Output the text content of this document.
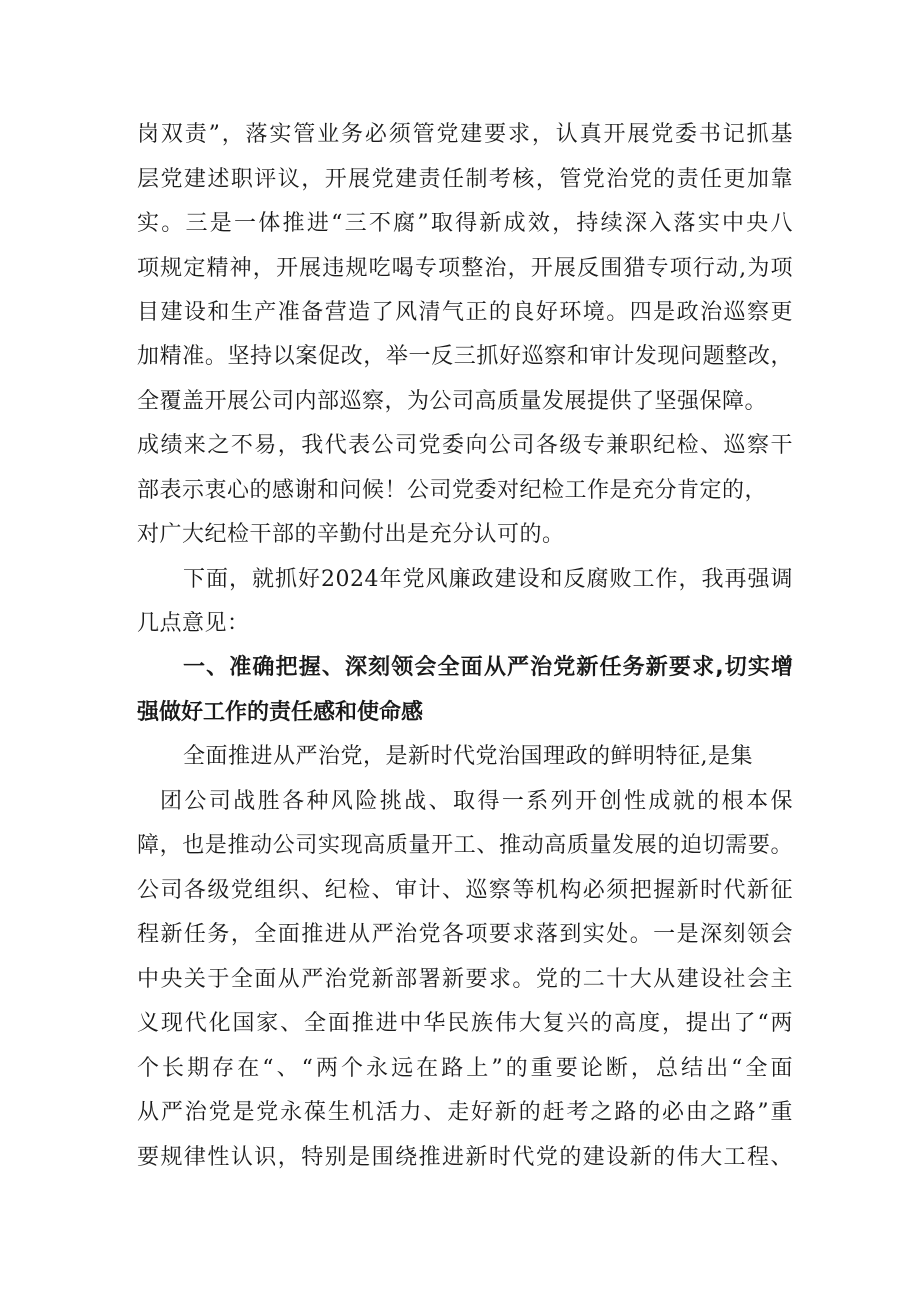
岗双责”，落实管业务必须管党建要求，认真开展党委书记抓基
层党建述职评议，开展党建责任制考核，管党治党的责任更加靠
实。三是一体推进“三不腐”取得新成效，持续深入落实中央八
项规定精神，开展违规吃喝专项整治，开展反围猎专项行动,为项
目建设和生产准备营造了风清气正的良好环境。四是政治巡察更
加精准。坚持以案促改，举一反三抓好巡察和审计发现问题整改，
全覆盖开展公司内部巡察，为公司高质量发展提供了坚强保障。
成绩来之不易，我代表公司党委向公司各级专兼职纪检、巡察干
部表示衷心的感谢和问候！公司党委对纪检工作是充分肯定的，
对广大纪检干部的辛勤付出是充分认可的。
下面，就抓好2024年党风廉政建设和反腐败工作，我再强调
几点意见：
一、准确把握、深刻领会全面从严治党新任务新要求,切实增
强做好工作的责任感和使命感
全面推进从严治党，是新时代党治国理政的鲜明特征,是集
团公司战胜各种风险挑战、取得一系列开创性成就的根本保
障，也是推动公司实现高质量开工、推动高质量发展的迫切需要。
公司各级党组织、纪检、审计、巡察等机构必须把握新时代新征
程新任务，全面推进从严治党各项要求落到实处。一是深刻领会
中央关于全面从严治党新部署新要求。党的二十大从建设社会主
义现代化国家、全面推进中华民族伟大复兴的高度，提出了“两
个长期存在“、“两个永远在路上”的重要论断，总结出“全面
从严治党是党永葆生机活力、走好新的赶考之路的必由之路”重
要规律性认识，特别是围绕推进新时代党的建设新的伟大工程、
